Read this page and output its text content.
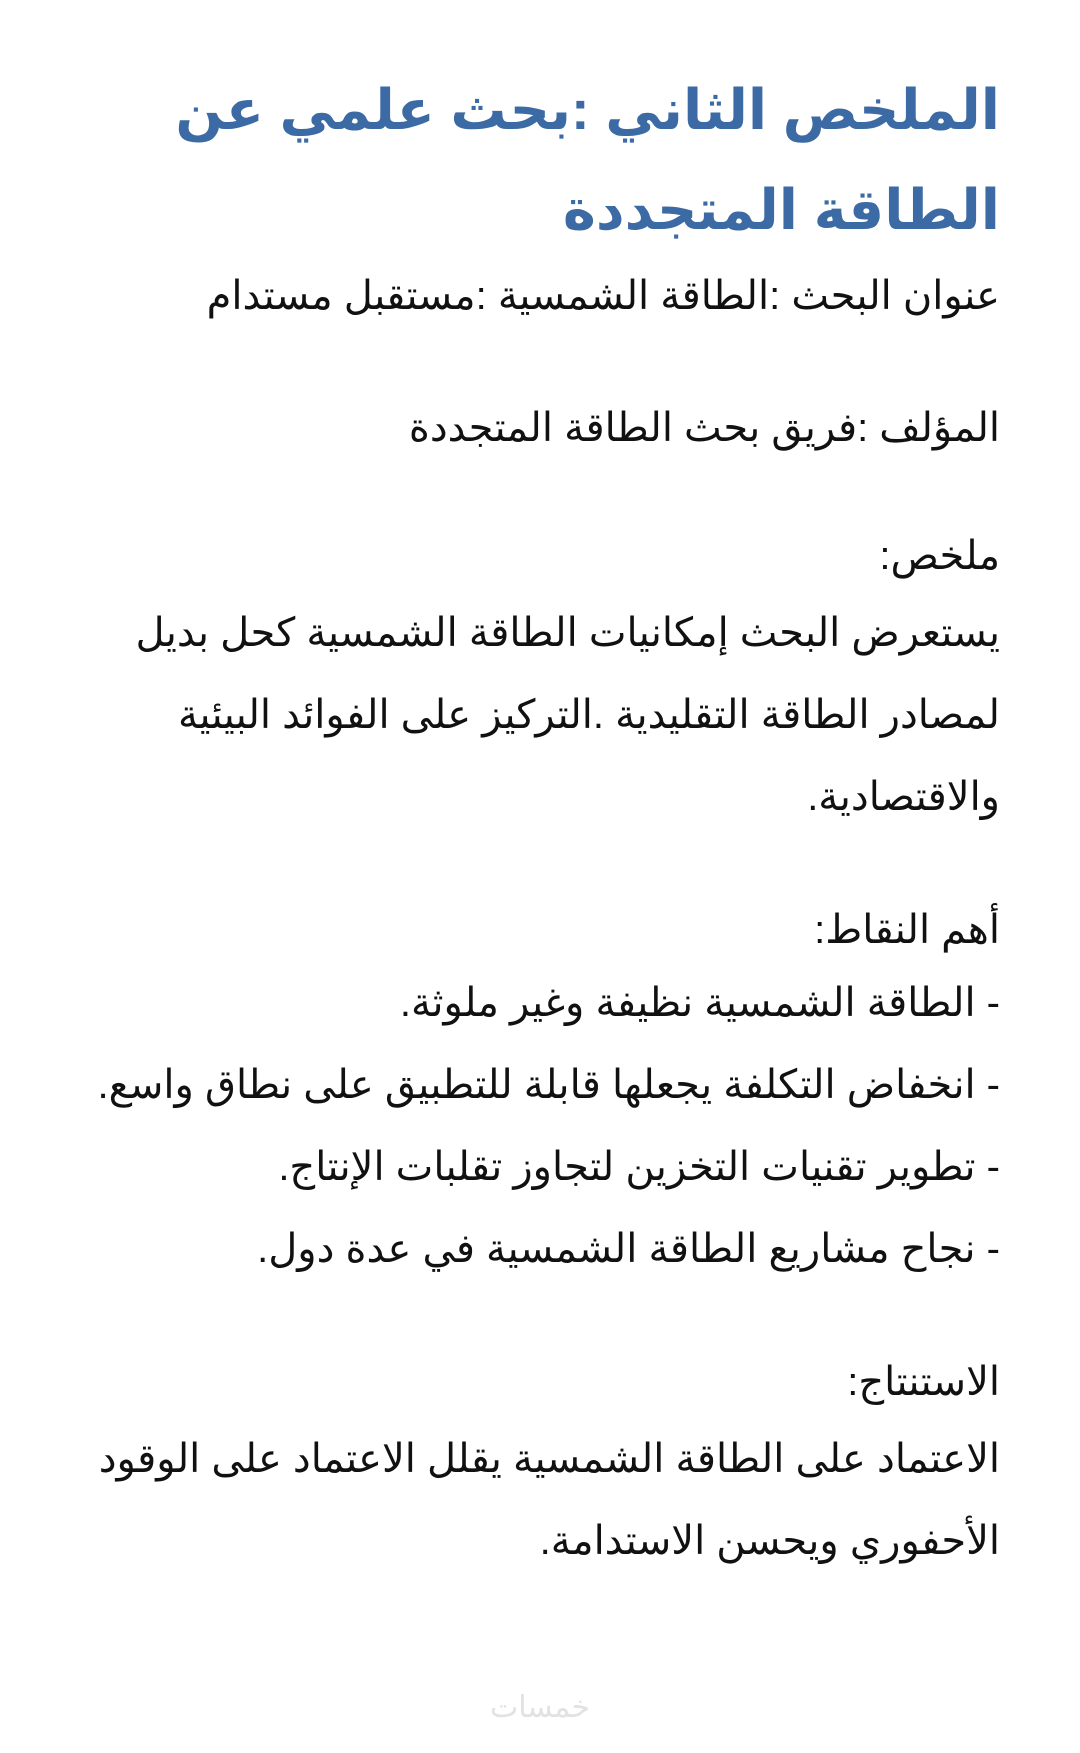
الملخص الثاني :بحث علمي عن الطاقة المتجددة

عنوان البحث :الطاقة الشمسية :مستقبل مستدام

المؤلف :فريق بحث الطاقة المتجددة

ملخص:

يستعرض البحث إمكانيات الطاقة الشمسية كحل بديل لمصادر الطاقة التقليدية .التركيز على الفوائد البيئية والاقتصادية.

أهم النقاط:

- الطاقة الشمسية نظيفة وغير ملوثة.

- انخفاض التكلفة يجعلها قابلة للتطبيق على نطاق واسع.

- تطوير تقنيات التخزين لتجاوز تقلبات الإنتاج.

- نجاح مشاريع الطاقة الشمسية في عدة دول.

الاستنتاج:

الاعتماد على الطاقة الشمسية يقلل الاعتماد على الوقود الأحفوري ويحسن الاستدامة.

خمسات
